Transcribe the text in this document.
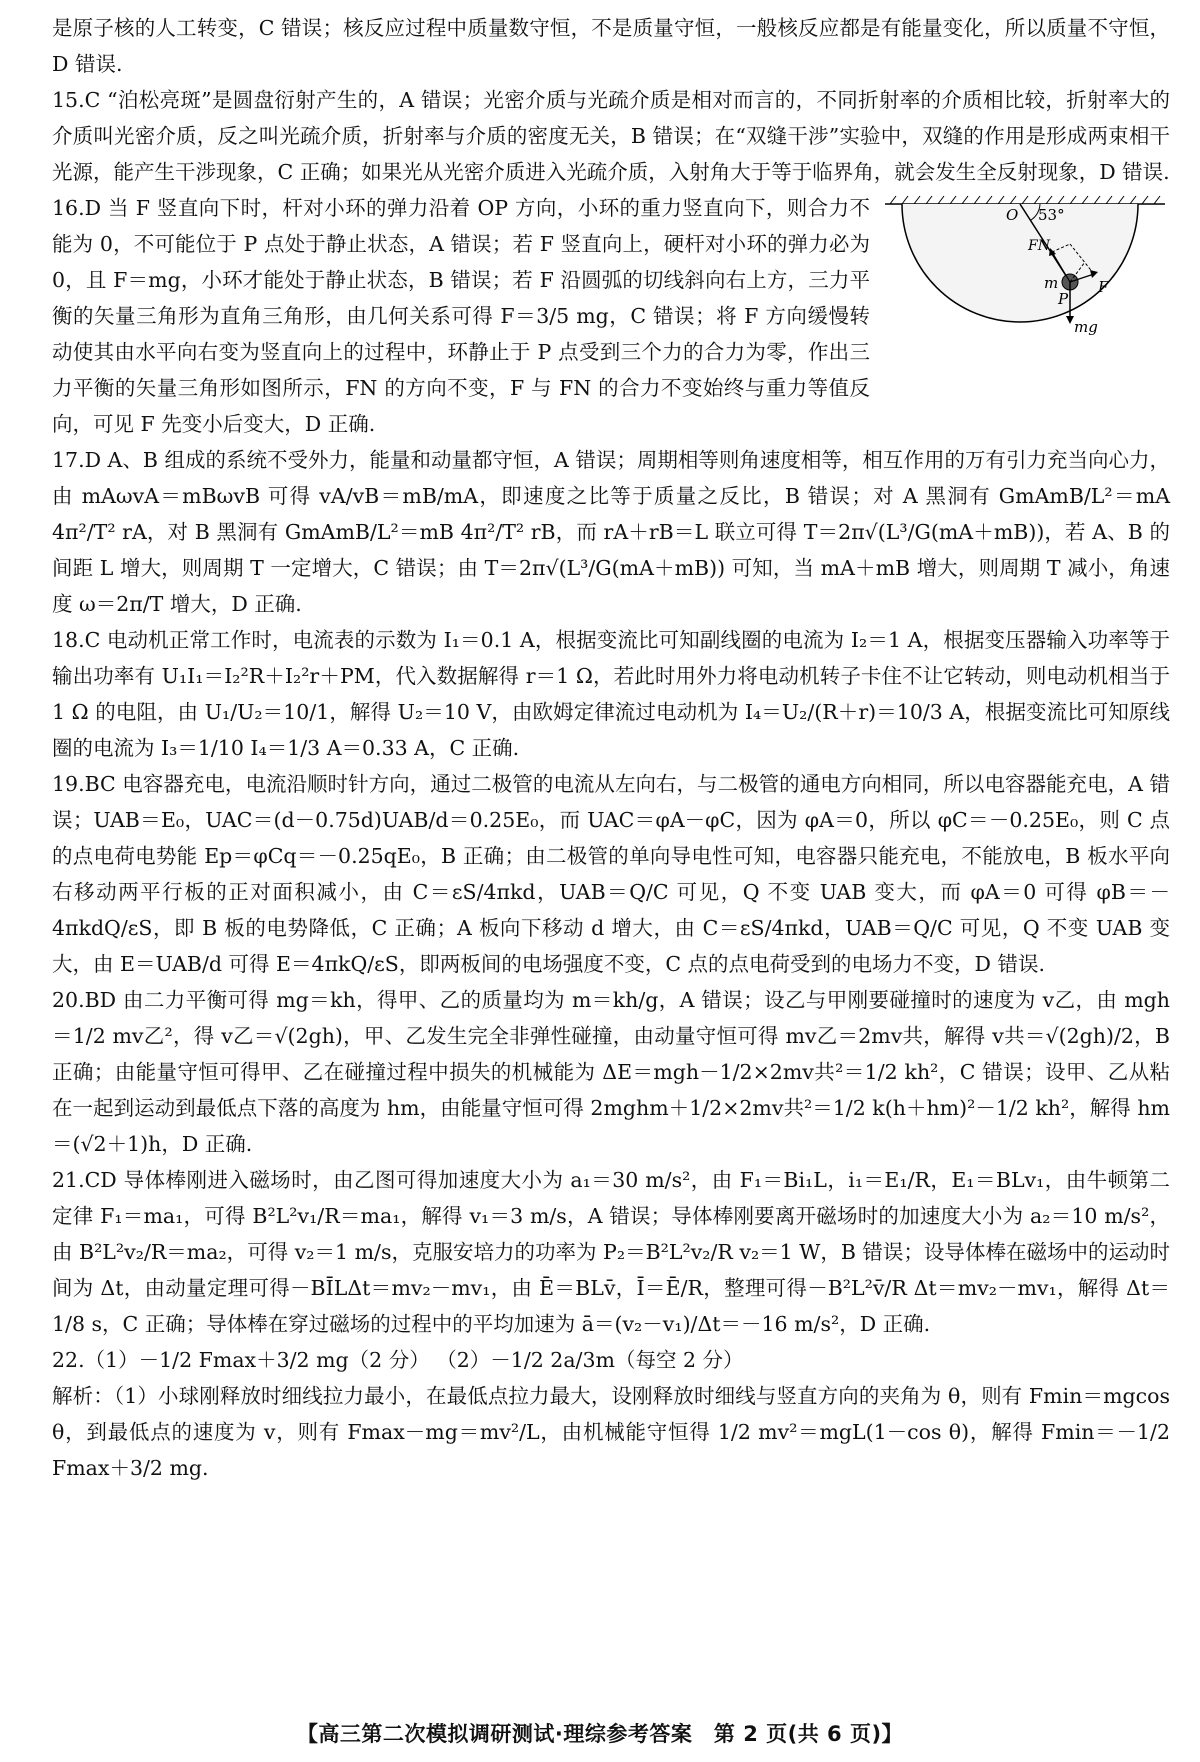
是原子核的人工转变，C 错误；核反应过程中质量数守恒，不是质量守恒，一般核反应都是有能量变化，所以质量不守恒，D 错误.

15.C “泊松亮斑”是圆盘衍射产生的，A 错误；光密介质与光疏介质是相对而言的，不同折射率的介质相比较，折射率大的介质叫光密介质，反之叫光疏介质，折射率与介质的密度无关，B 错误；在“双缝干涉”实验中，双缝的作用是形成两束相干光源，能产生干涉现象，C 正确；如果光从光密介质进入光疏介质，入射角大于等于临界角，就会发生全反射现象，D 错误.

53°
O
FN
m
P
F
mg

16.D 当 F 竖直向下时，杆对小环的弹力沿着 OP 方向，小环的重力竖直向下，则合力不能为 0，不可能位于 P 点处于静止状态，A 错误；若 F 竖直向上，硬杆对小环的弹力必为 0，且 F＝mg，小环才能处于静止状态，B 错误；若 F 沿圆弧的切线斜向右上方，三力平衡的矢量三角形为直角三角形，由几何关系可得 F＝3/5 mg，C 错误；将 F 方向缓慢转动使其由水平向右变为竖直向上的过程中，环静止于 P 点受到三个力的合力为零，作出三力平衡的矢量三角形如图所示，FN 的方向不变，F 与 FN 的合力不变始终与重力等值反向，可见 F 先变小后变大，D 正确.

17.D A、B 组成的系统不受外力，能量和动量都守恒，A 错误；周期相等则角速度相等，相互作用的万有引力充当向心力，由 mAωvA＝mBωvB 可得 vA/vB＝mB/mA，即速度之比等于质量之反比，B 错误；对 A 黑洞有 GmAmB/L²＝mA 4π²/T² rA，对 B 黑洞有 GmAmB/L²＝mB 4π²/T² rB，而 rA＋rB＝L 联立可得 T＝2π√(L³/G(mA＋mB))，若 A、B 的间距 L 增大，则周期 T 一定增大，C 错误；由 T＝2π√(L³/G(mA＋mB)) 可知，当 mA＋mB 增大，则周期 T 减小，角速度 ω＝2π/T 增大，D 正确.

18.C 电动机正常工作时，电流表的示数为 I₁＝0.1 A，根据变流比可知副线圈的电流为 I₂＝1 A，根据变压器输入功率等于输出功率有 U₁I₁＝I₂²R＋I₂²r＋PM，代入数据解得 r＝1 Ω，若此时用外力将电动机转子卡住不让它转动，则电动机相当于 1 Ω 的电阻，由 U₁/U₂＝10/1，解得 U₂＝10 V，由欧姆定律流过电动机为 I₄＝U₂/(R＋r)＝10/3 A，根据变流比可知原线圈的电流为 I₃＝1/10 I₄＝1/3 A＝0.33 A，C 正确.

19.BC 电容器充电，电流沿顺时针方向，通过二极管的电流从左向右，与二极管的通电方向相同，所以电容器能充电，A 错误；UAB＝E₀，UAC＝(d－0.75d)UAB/d＝0.25E₀，而 UAC＝φA－φC，因为 φA＝0，所以 φC＝－0.25E₀，则 C 点的点电荷电势能 Ep＝φCq＝－0.25qE₀，B 正确；由二极管的单向导电性可知，电容器只能充电，不能放电，B 板水平向右移动两平行板的正对面积减小，由 C＝εS/4πkd，UAB＝Q/C 可见，Q 不变 UAB 变大，而 φA＝0 可得 φB＝－4πkdQ/εS，即 B 板的电势降低，C 正确；A 板向下移动 d 增大，由 C＝εS/4πkd，UAB＝Q/C 可见，Q 不变 UAB 变大，由 E＝UAB/d 可得 E＝4πkQ/εS，即两板间的电场强度不变，C 点的点电荷受到的电场力不变，D 错误.

20.BD 由二力平衡可得 mg＝kh，得甲、乙的质量均为 m＝kh/g，A 错误；设乙与甲刚要碰撞时的速度为 v乙，由 mgh＝1/2 mv乙²，得 v乙＝√(2gh)，甲、乙发生完全非弹性碰撞，由动量守恒可得 mv乙＝2mv共，解得 v共＝√(2gh)/2，B 正确；由能量守恒可得甲、乙在碰撞过程中损失的机械能为 ΔE＝mgh－1/2×2mv共²＝1/2 kh²，C 错误；设甲、乙从粘在一起到运动到最低点下落的高度为 hm，由能量守恒可得 2mghm＋1/2×2mv共²＝1/2 k(h＋hm)²－1/2 kh²，解得 hm＝(√2＋1)h，D 正确.

21.CD 导体棒刚进入磁场时，由乙图可得加速度大小为 a₁＝30 m/s²，由 F₁＝Bi₁L，i₁＝E₁/R，E₁＝BLv₁，由牛顿第二定律 F₁＝ma₁，可得 B²L²v₁/R＝ma₁，解得 v₁＝3 m/s，A 错误；导体棒刚要离开磁场时的加速度大小为 a₂＝10 m/s²，由 B²L²v₂/R＝ma₂，可得 v₂＝1 m/s，克服安培力的功率为 P₂＝B²L²v₂/R v₂＝1 W，B 错误；设导体棒在磁场中的运动时间为 Δt，由动量定理可得－BĪLΔt＝mv₂－mv₁，由 Ē＝BLv̄，Ī＝Ē/R，整理可得－B²L²v̄/R Δt＝mv₂－mv₁，解得 Δt＝1/8 s，C 正确；导体棒在穿过磁场的过程中的平均加速为 ā＝(v₂－v₁)/Δt＝－16 m/s²，D 正确.

22.（1）－1/2 Fmax＋3/2 mg（2 分） （2）－1/2 2a/3m（每空 2 分）

解析：（1）小球刚释放时细线拉力最小，在最低点拉力最大，设刚释放时细线与竖直方向的夹角为 θ，则有 Fmin＝mgcos θ，到最低点的速度为 v，则有 Fmax－mg＝mv²/L，由机械能守恒得 1/2 mv²＝mgL(1－cos θ)，解得 Fmin＝－1/2 Fmax＋3/2 mg.

【高三第二次模拟调研测试·理综参考答案　第 2 页(共 6 页)】
